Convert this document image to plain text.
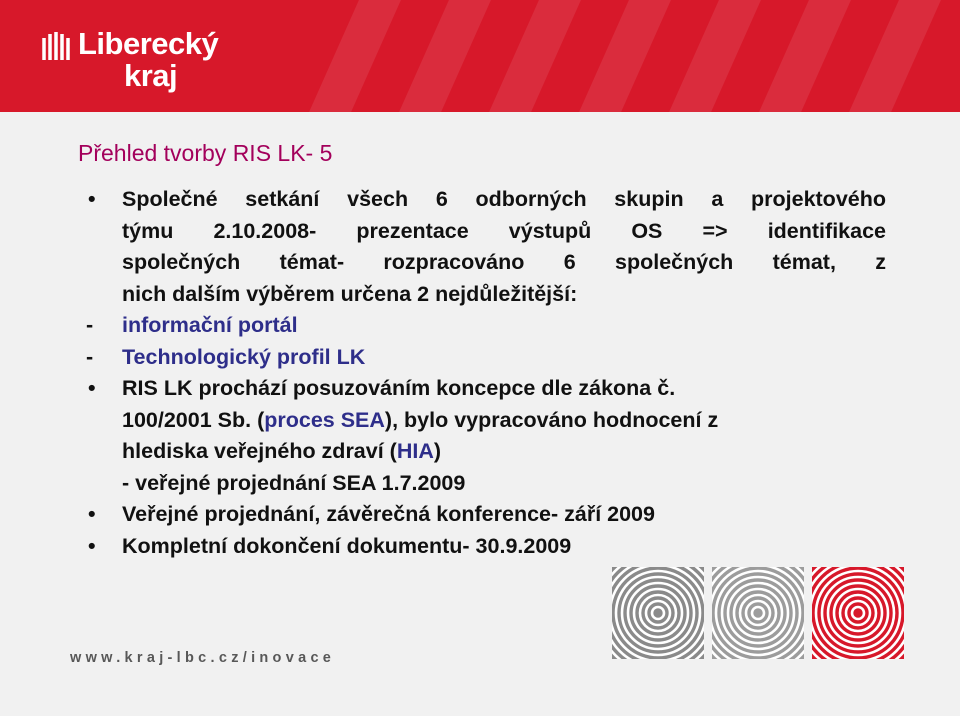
Liberecký
kraj
Přehled tvorby RIS LK- 5
• Společné setkání všech 6 odborných skupin a projektového
týmu 2.10.2008- prezentace výstupů OS => identifikace
společných témat- rozpracováno 6 společných témat, z
nich dalším výběrem určena 2 nejdůležitější:
- informační portál
- Technologický profil LK
• RIS LK prochází posuzováním koncepce dle zákona č.
100/2001 Sb. (proces SEA), bylo vypracováno hodnocení z
hlediska veřejného zdraví (HIA)
- veřejné projednání SEA 1.7.2009
• Veřejné projednání, závěrečná konference- září 2009
• Kompletní dokončení dokumentu- 30.9.2009
www.kraj-lbc.cz/inovace
